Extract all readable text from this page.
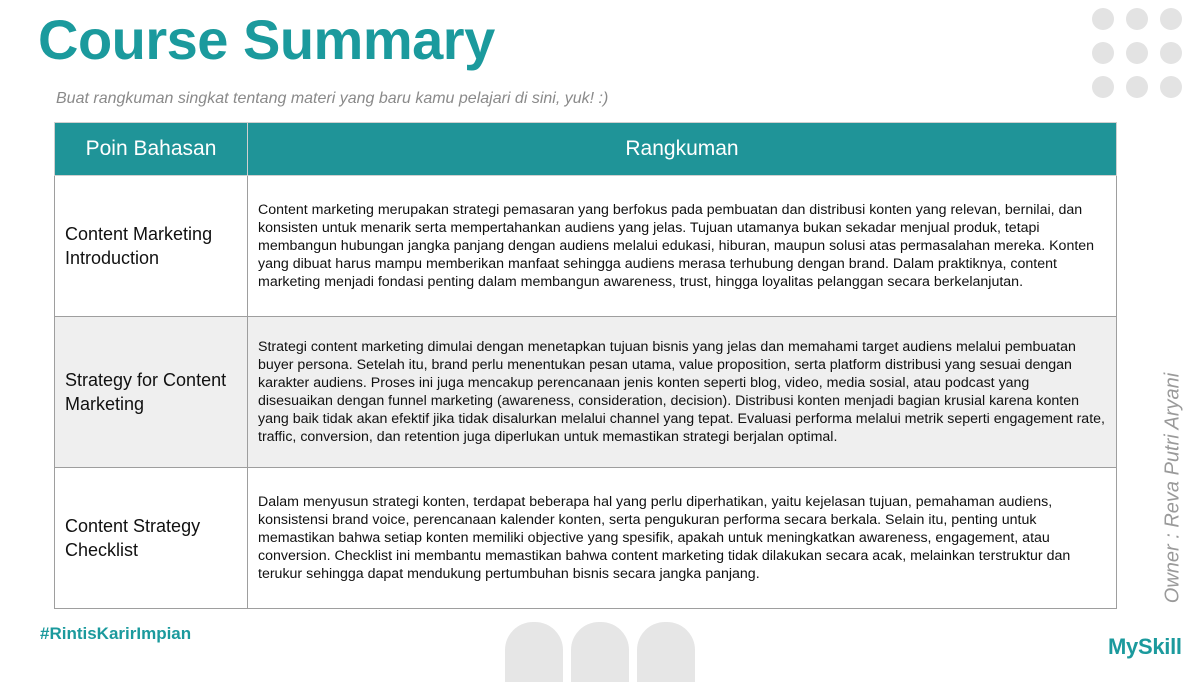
Course Summary
Buat rangkuman singkat tentang materi yang baru kamu pelajari di sini, yuk! :)
Poin Bahasan	Rangkuman
Content Marketing Introduction	Content marketing merupakan strategi pemasaran yang berfokus pada pembuatan dan distribusi konten yang relevan, bernilai, dan konsisten untuk menarik serta mempertahankan audiens yang jelas. Tujuan utamanya bukan sekadar menjual produk, tetapi membangun hubungan jangka panjang dengan audiens melalui edukasi, hiburan, maupun solusi atas permasalahan mereka. Konten yang dibuat harus mampu memberikan manfaat sehingga audiens merasa terhubung dengan brand. Dalam praktiknya, content marketing menjadi fondasi penting dalam membangun awareness, trust, hingga loyalitas pelanggan secara berkelanjutan.
Strategy for Content Marketing	Strategi content marketing dimulai dengan menetapkan tujuan bisnis yang jelas dan memahami target audiens melalui pembuatan buyer persona. Setelah itu, brand perlu menentukan pesan utama, value proposition, serta platform distribusi yang sesuai dengan karakter audiens. Proses ini juga mencakup perencanaan jenis konten seperti blog, video, media sosial, atau podcast yang disesuaikan dengan funnel marketing (awareness, consideration, decision). Distribusi konten menjadi bagian krusial karena konten yang baik tidak akan efektif jika tidak disalurkan melalui channel yang tepat. Evaluasi performa melalui metrik seperti engagement rate, traffic, conversion, dan retention juga diperlukan untuk memastikan strategi berjalan optimal.
Content Strategy Checklist	Dalam menyusun strategi konten, terdapat beberapa hal yang perlu diperhatikan, yaitu kejelasan tujuan, pemahaman audiens, konsistensi brand voice, perencanaan kalender konten, serta pengukuran performa secara berkala. Selain itu, penting untuk memastikan bahwa setiap konten memiliki objective yang spesifik, apakah untuk meningkatkan awareness, engagement, atau conversion. Checklist ini membantu memastikan bahwa content marketing tidak dilakukan secara acak, melainkan terstruktur dan terukur sehingga dapat mendukung pertumbuhan bisnis secara jangka panjang.
#RintisKarirImpian
Owner : Reva Putri Aryani
MySkill
